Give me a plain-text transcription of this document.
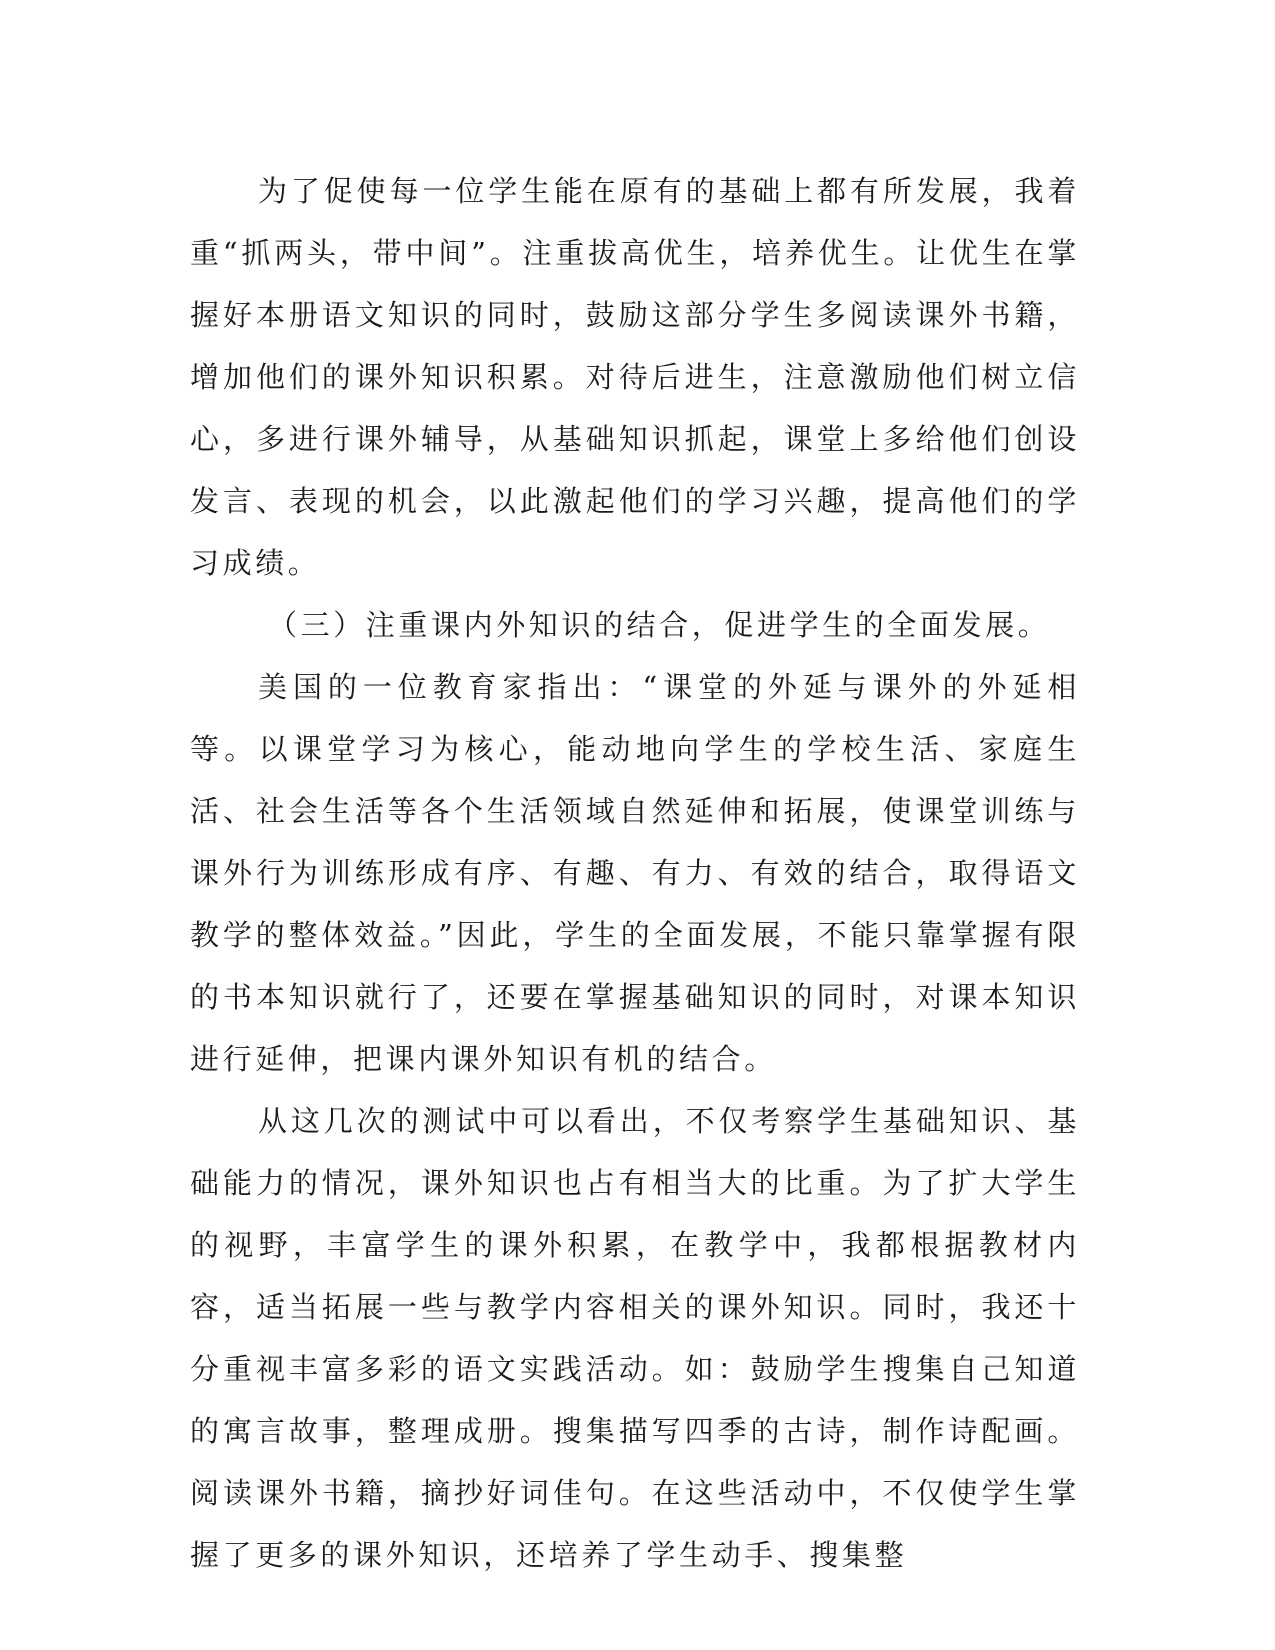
为了促使每一位学生能在原有的基础上都有所发展，我着重“抓两头，带中间”。注重拔高优生，培养优生。让优生在掌握好本册语文知识的同时，鼓励这部分学生多阅读课外书籍，增加他们的课外知识积累。对待后进生，注意激励他们树立信心，多进行课外辅导，从基础知识抓起，课堂上多给他们创设发言、表现的机会，以此激起他们的学习兴趣，提高他们的学习成绩。

（三）注重课内外知识的结合，促进学生的全面发展。

美国的一位教育家指出：“课堂的外延与课外的外延相等。以课堂学习为核心，能动地向学生的学校生活、家庭生活、社会生活等各个生活领域自然延伸和拓展，使课堂训练与课外行为训练形成有序、有趣、有力、有效的结合，取得语文教学的整体效益。”因此，学生的全面发展，不能只靠掌握有限的书本知识就行了，还要在掌握基础知识的同时，对课本知识进行延伸，把课内课外知识有机的结合。

从这几次的测试中可以看出，不仅考察学生基础知识、基础能力的情况，课外知识也占有相当大的比重。为了扩大学生的视野，丰富学生的课外积累，在教学中，我都根据教材内容，适当拓展一些与教学内容相关的课外知识。同时，我还十分重视丰富多彩的语文实践活动。如：鼓励学生搜集自己知道的寓言故事，整理成册。搜集描写四季的古诗，制作诗配画。阅读课外书籍，摘抄好词佳句。在这些活动中，不仅使学生掌握了更多的课外知识，还培养了学生动手、搜集整
